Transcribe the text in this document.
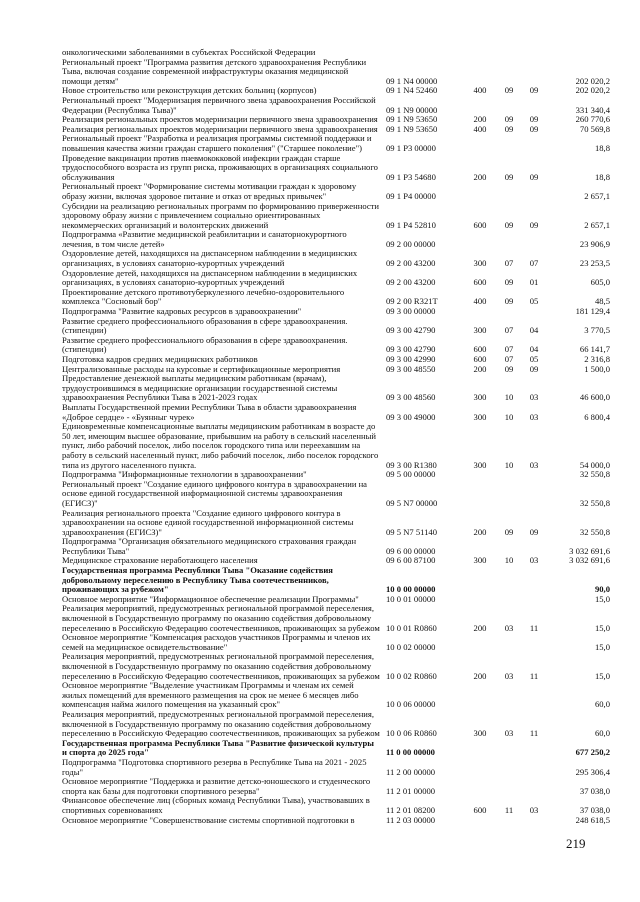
онкологическими заболеваниями в субъектах Российской Федерации
Региональный проект "Программа развития детского здравоохранения Республики Тыва, включая создание современной инфраструктуры оказания медицинской помощи детям"	09 1 N4 00000	202 020,2
Новое строительство или реконструкция детских больниц (корпусов)	09 1 N4 52460	400	09	09	202 020,2
Региональный проект "Модернизация первичного звена здравоохранения Российской Федерации (Республика Тыва)"	09 1 N9 00000	331 340,4
Реализация региональных проектов модернизации первичного звена здравоохранения 09 1 N9 53650	200	09	09	260 770,6
Реализация региональных проектов модернизации первичного звена здравоохранения 09 1 N9 53650	400	09	09	70 569,8
Региональный проект "Разработка и реализация программы системной поддержки и повышения качества жизни граждан старшего поколения" ("Старшее поколение")	09 1 P3 00000	18,8
Проведение вакцинации против пневмококковой инфекции граждан старше трудоспособного возраста из групп риска, проживающих в организациях социального обслуживания	09 1 P3 54680	200	09	09	18,8
Региональный проект "Формирование системы мотивации граждан к здоровому образу жизни, включая здоровое питание и отказ от вредных привычек"	09 1 P4 00000	2 657,1
Субсидии на реализацию региональных программ по формированию приверженности здоровому образу жизни с привлечением социально ориентированных некоммерческих организаций и волонтерских движений	09 1 P4 52810	600	09	09	2 657,1
Подпрограмма «Развитие медицинской реабилитации и санаторнокурортного лечения, в том числе детей»	09 2 00 00000	23 906,9
Оздоровление детей, находящихся на диспансерном наблюдении в медицинских организациях, в условиях санаторно-курортных учреждений	09 2 00 43200	300	07	07	23 253,5
Оздоровление детей, находящихся на диспансерном наблюдении в медицинских организациях, в условиях санаторно-курортных учреждений	09 2 00 43200	600	09	01	605,0
Проектирование детского противотуберкулезного лечебно-оздоровительного комплекса "Сосновый бор"	09 2 00 R321T	400	09	05	48,5
Подпрограмма "Развитие кадровых ресурсов в здравоохранении"	09 3 00 00000	181 129,4
Развитие среднего профессионального образования в сфере здравоохранения. (стипендии)	09 3 00 42790	300	07	04	3 770,5
Развитие среднего профессионального образования в сфере здравоохранения. (стипендии)	09 3 00 42790	600	07	04	66 141,7
Подготовка кадров средних медицинских работников	09 3 00 42990	600	07	05	2 316,8
Централизованные расходы на курсовые и сертификационные мероприятия	09 3 00 48550	200	09	09	1 500,0
Предоставление денежной выплаты медицинским работникам (врачам), трудоустроившимся в медицинские организации государственной системы здравоохранения Республики Тыва в 2021-2023 годах	09 3 00 48560	300	10	03	46 600,0
Выплаты Государственной премии Республики Тыва в области здравоохранения «Доброе сердце» - «Буянныг чурек»	09 3 00 49000	300	10	03	6 800,4
Единовременные компенсационные выплаты медицинским работникам в возрасте до 50 лет, имеющим высшее образование, прибывшим на работу в сельский населенный пункт, либо рабочий поселок, либо поселок городского типа или переехавшим на работу в сельский населенный пункт, либо рабочий поселок, либо поселок городского типа из другого населенного пункта.	09 3 00 R1380	300	10	03	54 000,0
Подпрограмма "Информационные технологии в здравоохранении"	09 5 00 00000	32 550,8
Региональный проект "Создание единого цифрового контура в здравоохранении на основе единой государственной информационной системы здравоохранения (ЕГИСЗ)"	09 5 N7 00000	32 550,8
Реализация регионального проекта "Создание единого цифрового контура в здравоохранении на основе единой государственной информационной системы здравоохранения (ЕГИСЗ)"	09 5 N7 51140	200	09	09	32 550,8
Подпрограмма "Организация обязательного медицинского страхования граждан Республики Тыва"	09 6 00 00000	3 032 691,6
Медицинское страхование неработающего населения	09 6 00 87100	300	10	03	3 032 691,6
Государственная программа Республики Тыва "Оказание содействия добровольному переселению в Республику Тыва соотечественников, проживающих за рубежом"	10 0 00 00000	90,0
Основное мероприятие "Информационное обеспечение реализации Программы"	10 0 01 00000	15,0
Реализация мероприятий, предусмотренных региональной программой переселения, включенной в Государственную программу по оказанию содействия добровольному переселению в Российскую Федерацию соотечественников, проживающих за рубежом 10 0 01 R0860	200	03	11	15,0
Основное мероприятие "Компенсация расходов участников Программы и членов их семей на медицинское освидетельствование"	10 0 02 00000	15,0
Реализация мероприятий, предусмотренных региональной программой переселения, включенной в Государственную программу по оказанию содействия добровольному переселению в Российскую Федерацию соотечественников, проживающих за рубежом 10 0 02 R0860	200	03	11	15,0
Основное мероприятие "Выделение участникам Программы и членам их семей жилых помещений для временного размещения на срок не менее 6 месяцев либо компенсация найма жилого помещения на указанный срок"	10 0 06 00000	60,0
Реализация мероприятий, предусмотренных региональной программой переселения, включенной в Государственную программу по оказанию содействия добровольному переселению в Российскую Федерацию соотечественников, проживающих за рубежом 10 0 06 R0860	300	03	11	60,0
Государственная программа Республики Тыва "Развитие физической культуры и спорта до 2025 года"	11 0 00 00000	677 250,2
Подпрограмма "Подготовка спортивного резерва в Республике Тыва на 2021 - 2025 годы"	11 2 00 00000	295 306,4
Основное мероприятие "Поддержка и развитие детско-юношеского и студенческого спорта как базы для подготовки спортивного резерва"	11 2 01 00000	37 038,0
Финансовое обеспечение лиц (сборных команд Республики Тыва), участвовавших в спортивных соревнованиях	11 2 01 08200	600	11	03	37 038,0
Основное мероприятие "Совершенствование системы спортивной подготовки в	11 2 03 00000	248 618,5
219
